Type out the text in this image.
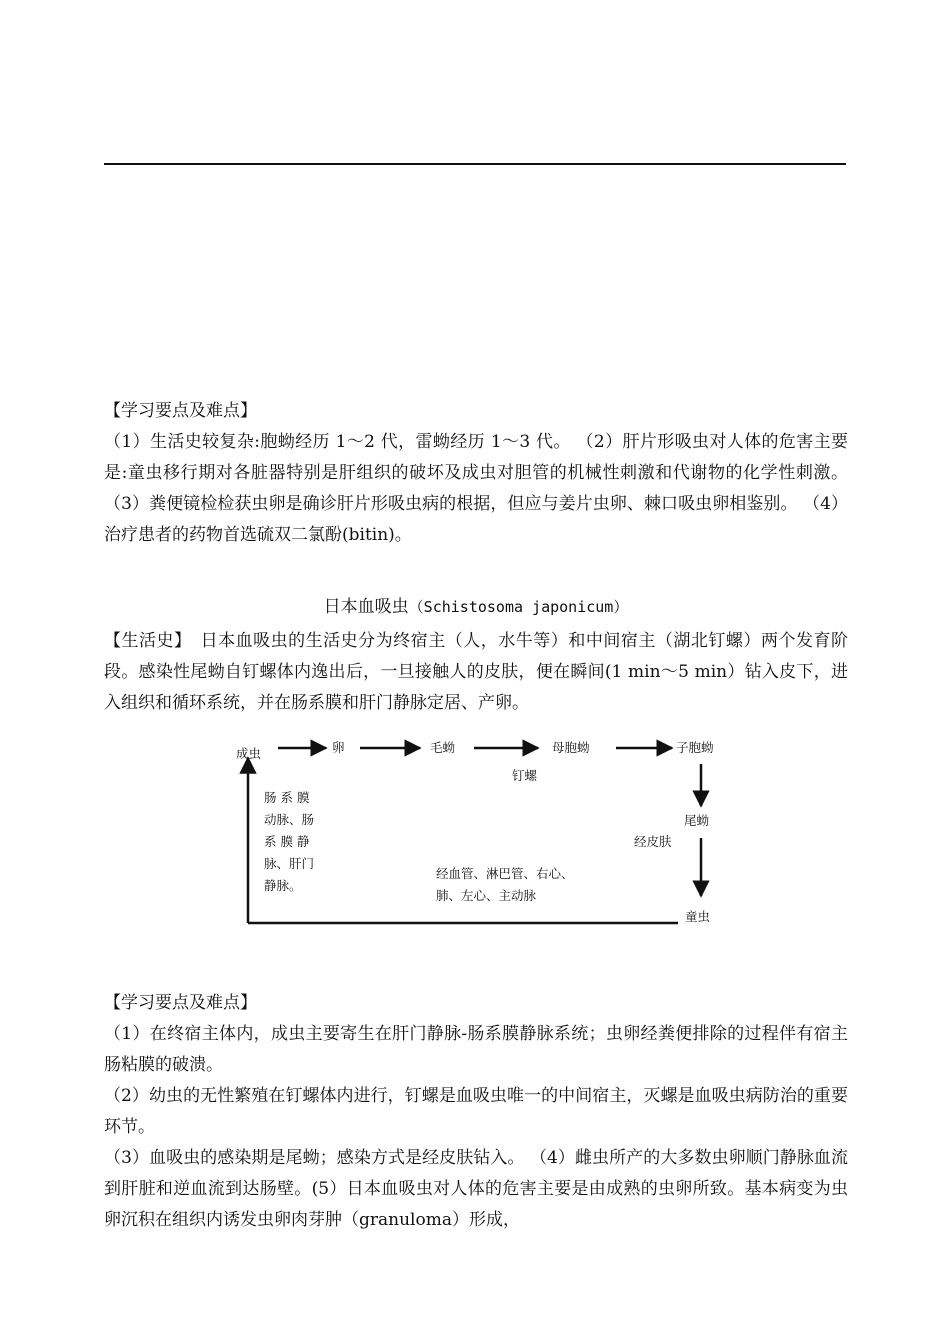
【学习要点及难点】

（1）生活史较复杂:胞蚴经历 1～2 代，雷蚴经历 1～3 代。 （2）肝片形吸虫对人体的危害主要是:童虫移行期对各脏器特别是肝组织的破坏及成虫对胆管的机械性刺激和代谢物的化学性刺激。 （3）粪便镜检检获虫卵是确诊肝片形吸虫病的根据，但应与姜片虫卵、棘口吸虫卵相鉴别。 （4）治疗患者的药物首选硫双二氯酚(bitin)。

日本血吸虫（Schistosoma japonicum）

【生活史】  日本血吸虫的生活史分为终宿主（人，水牛等）和中间宿主（湖北钉螺）两个发育阶段。感染性尾蚴自钉螺体内逸出后，一旦接触人的皮肤，便在瞬间(1 min～5 min）钻入皮下，进入组织和循环系统，并在肠系膜和肝门静脉定居、产卵。

成虫	卵	毛蚴	母胞蚴	子胞蚴
钉螺
尾蚴
经皮肤
童虫
肠 系 膜
动脉、肠
系 膜 静
脉、肝门
静脉。
经血管、淋巴管、右心、
肺、左心、主动脉

【学习要点及难点】

（1）在终宿主体内，成虫主要寄生在肝门静脉-肠系膜静脉系统；虫卵经粪便排除的过程伴有宿主肠粘膜的破溃。

（2）幼虫的无性繁殖在钉螺体内进行，钉螺是血吸虫唯一的中间宿主，灭螺是血吸虫病防治的重要环节。

（3）血吸虫的感染期是尾蚴；感染方式是经皮肤钻入。 （4）雌虫所产的大多数虫卵顺门静脉血流到肝脏和逆血流到达肠壁。(5）日本血吸虫对人体的危害主要是由成熟的虫卵所致。基本病变为虫卵沉积在组织内诱发虫卵肉芽肿（granuloma）形成，
